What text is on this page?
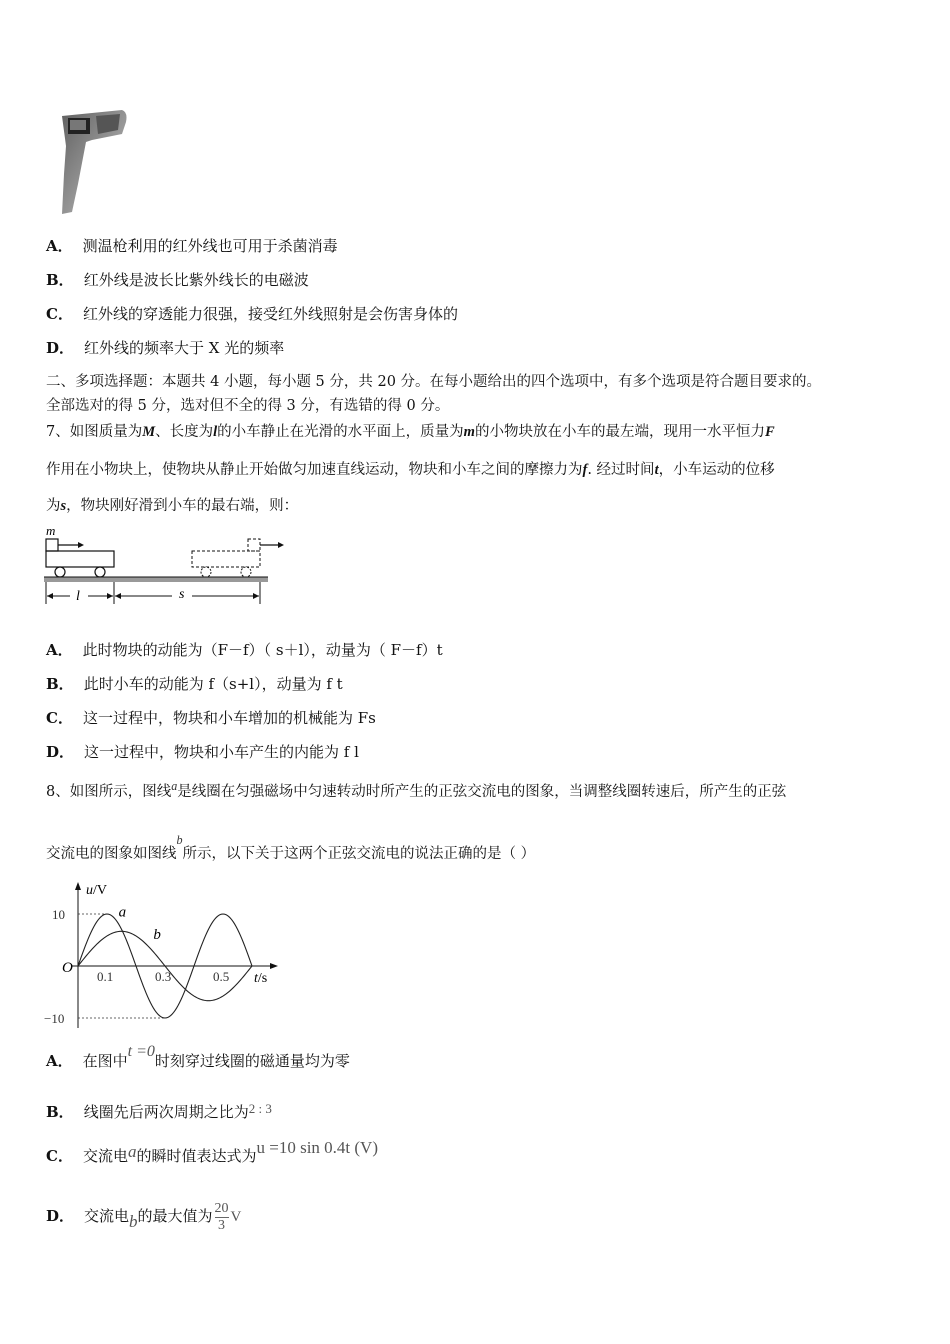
A． 测温枪利用的红外线也可用于杀菌消毒
B． 红外线是波长比紫外线长的电磁波
C． 红外线的穿透能力很强，接受红外线照射是会伤害身体的
D． 红外线的频率大于 X 光的频率
二、多项选择题：本题共 4 小题，每小题 5 分，共 20 分。在每小题给出的四个选项中，有多个选项是符合题目要求的。
全部选对的得 5 分，选对但不全的得 3 分，有选错的得 0 分。
7、如图质量为M、长度为l的小车静止在光滑的水平面上，质量为m的小物块放在小车的最左端，现用一水平恒力F
作用在小物块上，使物块从静止开始做匀加速直线运动，物块和小车之间的摩擦力为f. 经过时间t，小车运动的位移
为s，物块刚好滑到小车的最右端，则：
m
l	s
A． 此时物块的动能为（F－f）（ s＋l），动量为（ F－f）t
B． 此时小车的动能为 f（s+l），动量为 f t
C． 这一过程中，物块和小车增加的机械能为 Fs
D． 这一过程中，物块和小车产生的内能为 f l
8、如图所示，图线$^a$是线圈在匀强磁场中匀速转动时所产生的正弦交流电的图象，当调整线圈转速后，所产生的正弦
交流电的图象如图线$^b$所示，以下关于这两个正弦交流电的说法正确的是（ ）
u/V
t/s
O
0.1	0.3	0.5
10
−10
a
b
A． 在图中t =0时刻穿过线圈的磁通量均为零
B． 线圈先后两次周期之比为2 : 3
C． 交流电a的瞬时值表达式为u =10 sin 0.4t (V)
D． 交流电b的最大值为 $\frac{20}{3}$ V
